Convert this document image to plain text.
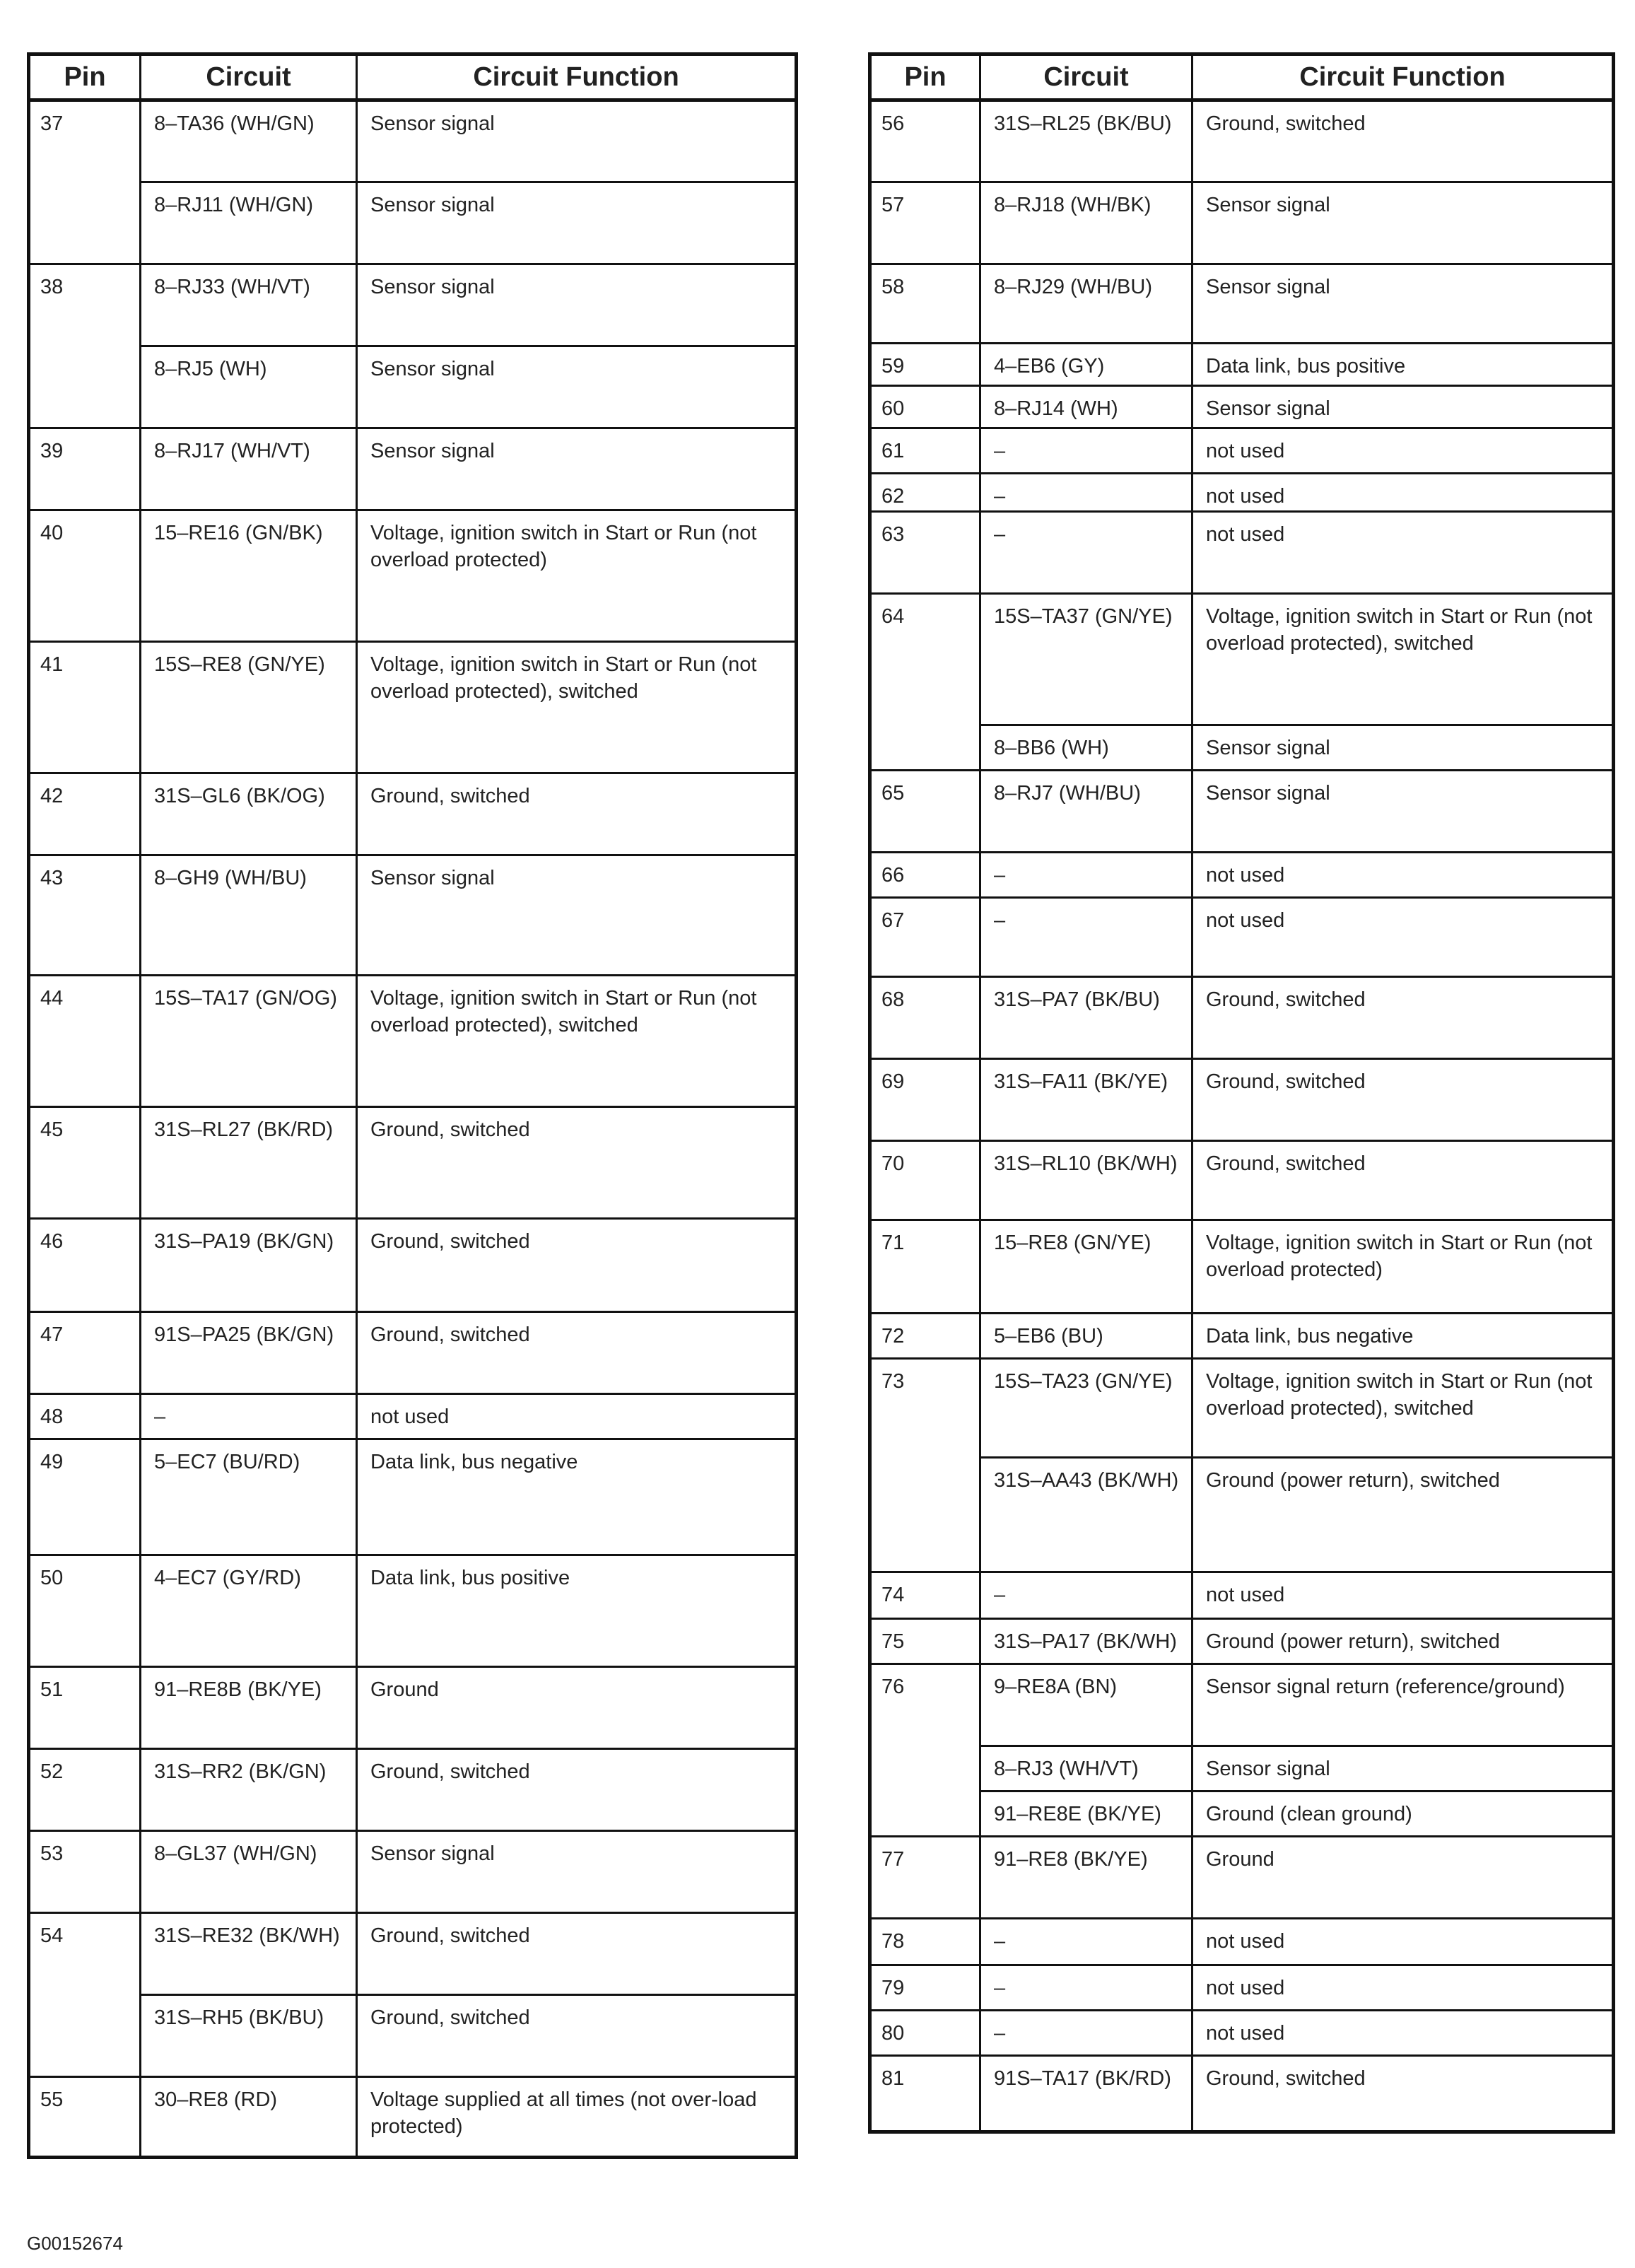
Pin	Circuit	Circuit Function
37	8–TA36 (WH/GN)	Sensor signal
	8–RJ11 (WH/GN)	Sensor signal
38	8–RJ33 (WH/VT)	Sensor signal
	8–RJ5 (WH)	Sensor signal
39	8–RJ17 (WH/VT)	Sensor signal
40	15–RE16 (GN/BK)	Voltage, ignition switch in Start or Run (not overload protected)
41	15S–RE8 (GN/YE)	Voltage, ignition switch in Start or Run (not overload protected), switched
42	31S–GL6 (BK/OG)	Ground, switched
43	8–GH9 (WH/BU)	Sensor signal
44	15S–TA17 (GN/OG)	Voltage, ignition switch in Start or Run (not overload protected), switched
45	31S–RL27 (BK/RD)	Ground, switched
46	31S–PA19 (BK/GN)	Ground, switched
47	91S–PA25 (BK/GN)	Ground, switched
48	–	not used
49	5–EC7 (BU/RD)	Data link, bus negative
50	4–EC7 (GY/RD)	Data link, bus positive
51	91–RE8B (BK/YE)	Ground
52	31S–RR2 (BK/GN)	Ground, switched
53	8–GL37 (WH/GN)	Sensor signal
54	31S–RE32 (BK/WH)	Ground, switched
	31S–RH5 (BK/BU)	Ground, switched
55	30–RE8 (RD)	Voltage supplied at all times (not over-load protected)
Pin	Circuit	Circuit Function
56	31S–RL25 (BK/BU)	Ground, switched
57	8–RJ18 (WH/BK)	Sensor signal
58	8–RJ29 (WH/BU)	Sensor signal
59	4–EB6 (GY)	Data link, bus positive
60	8–RJ14 (WH)	Sensor signal
61	–	not used
62	–	not used
63	–	not used
64	15S–TA37 (GN/YE)	Voltage, ignition switch in Start or Run (not overload protected), switched
	8–BB6 (WH)	Sensor signal
65	8–RJ7 (WH/BU)	Sensor signal
66	–	not used
67	–	not used
68	31S–PA7 (BK/BU)	Ground, switched
69	31S–FA11 (BK/YE)	Ground, switched
70	31S–RL10 (BK/WH)	Ground, switched
71	15–RE8 (GN/YE)	Voltage, ignition switch in Start or Run (not overload protected)
72	5–EB6 (BU)	Data link, bus negative
73	15S–TA23 (GN/YE)	Voltage, ignition switch in Start or Run (not overload protected), switched
	31S–AA43 (BK/WH)	Ground (power return), switched
74	–	not used
75	31S–PA17 (BK/WH)	Ground (power return), switched
76	9–RE8A (BN)	Sensor signal return (reference/ground)
	8–RJ3 (WH/VT)	Sensor signal
	91–RE8E (BK/YE)	Ground (clean ground)
77	91–RE8 (BK/YE)	Ground
78	–	not used
79	–	not used
80	–	not used
81	91S–TA17 (BK/RD)	Ground, switched
G00152674
